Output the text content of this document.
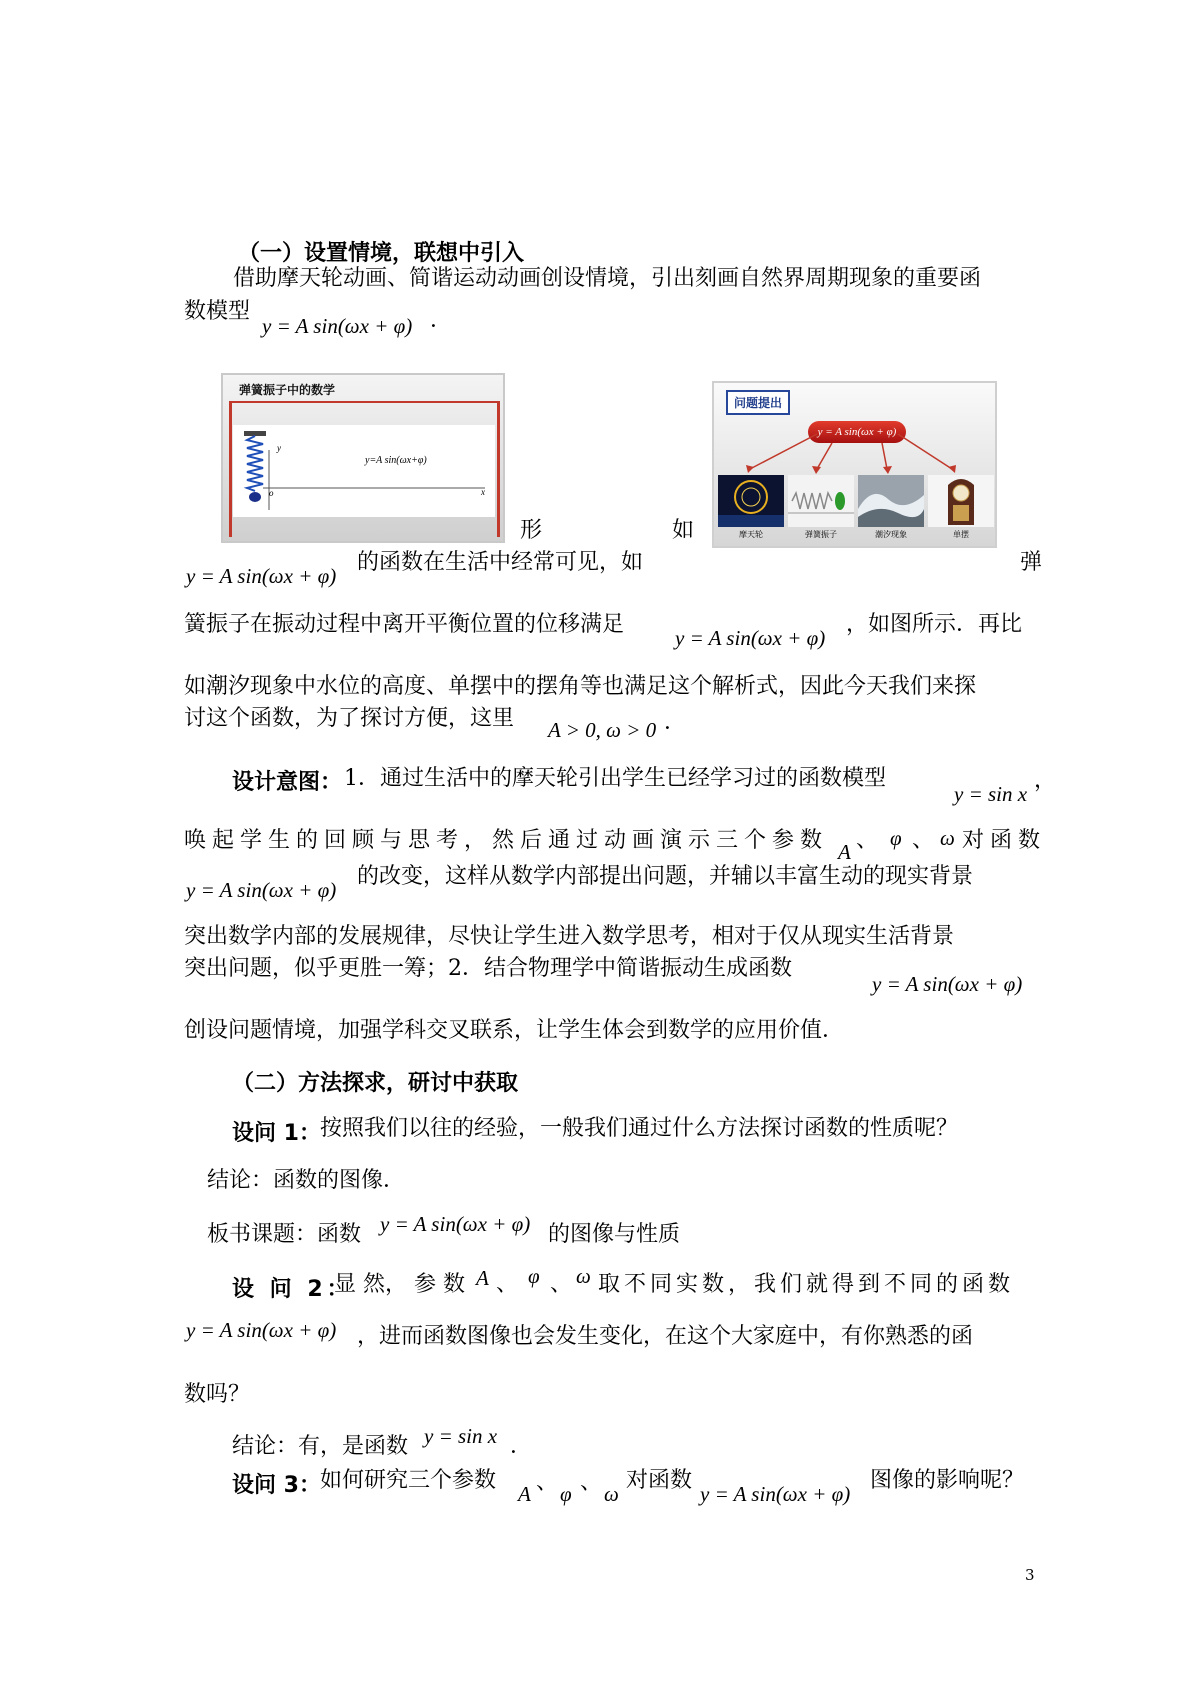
（一）设置情境，联想中引入
借助摩天轮动画、简谐运动动画创设情境，引出刻画自然界周期现象的重要函
数模型
y = A sin(ωx + φ) ．
弹簧振子中的数学
y
o	x
y=A sin(ωx+φ)
问题提出
y = A sin(ωx + φ)
摩天轮	弹簧振子	潮汐现象	单摆
形	如
y = A sin(ωx + φ)
的函数在生活中经常可见，如	弹
簧振子在振动过程中离开平衡位置的位移满足
y = A sin(ωx + φ)
，如图所示．再比
如潮汐现象中水位的高度、单摆中的摆角等也满足这个解析式，因此今天我们来探
讨这个函数，为了探讨方便，这里 A > 0, ω > 0 ．
设计意图： 1．通过生活中的摩天轮引出学生已经学习过的函数模型
y = sin x
，
唤起学生的回顾与思考，然后通过动画演示三个参数 A 、 φ 、 ω 对函数
y = A sin(ωx + φ)
的改变，这样从数学内部提出问题，并辅以丰富生动的现实背景
突出数学内部的发展规律，尽快让学生进入数学思考，相对于仅从现实生活背景
突出问题，似乎更胜一筹；2．结合物理学中简谐振动生成函数
y = A sin(ωx + φ)
创设问题情境，加强学科交叉联系，让学生体会到数学的应用价值．
（二）方法探求，研讨中获取
设问 1： 按照我们以往的经验，一般我们通过什么方法探讨函数的性质呢？
结论：函数的图像．
板书课题：函数 y = A sin(ωx + φ) 的图像与性质
设 问 2：
显 然， 参 数 A 、 φ 、 ω 取不同实数，我们就得到不同的函数
y = A sin(ωx + φ) ，进而函数图像也会发生变化，在这个大家庭中，有你熟悉的函
数吗？
结论：有，是函数 y = sin x ．
设问 3： 如何研究三个参数
A 、 φ 、 ω
对函数
y = A sin(ωx + φ)
图像的影响呢？
3
